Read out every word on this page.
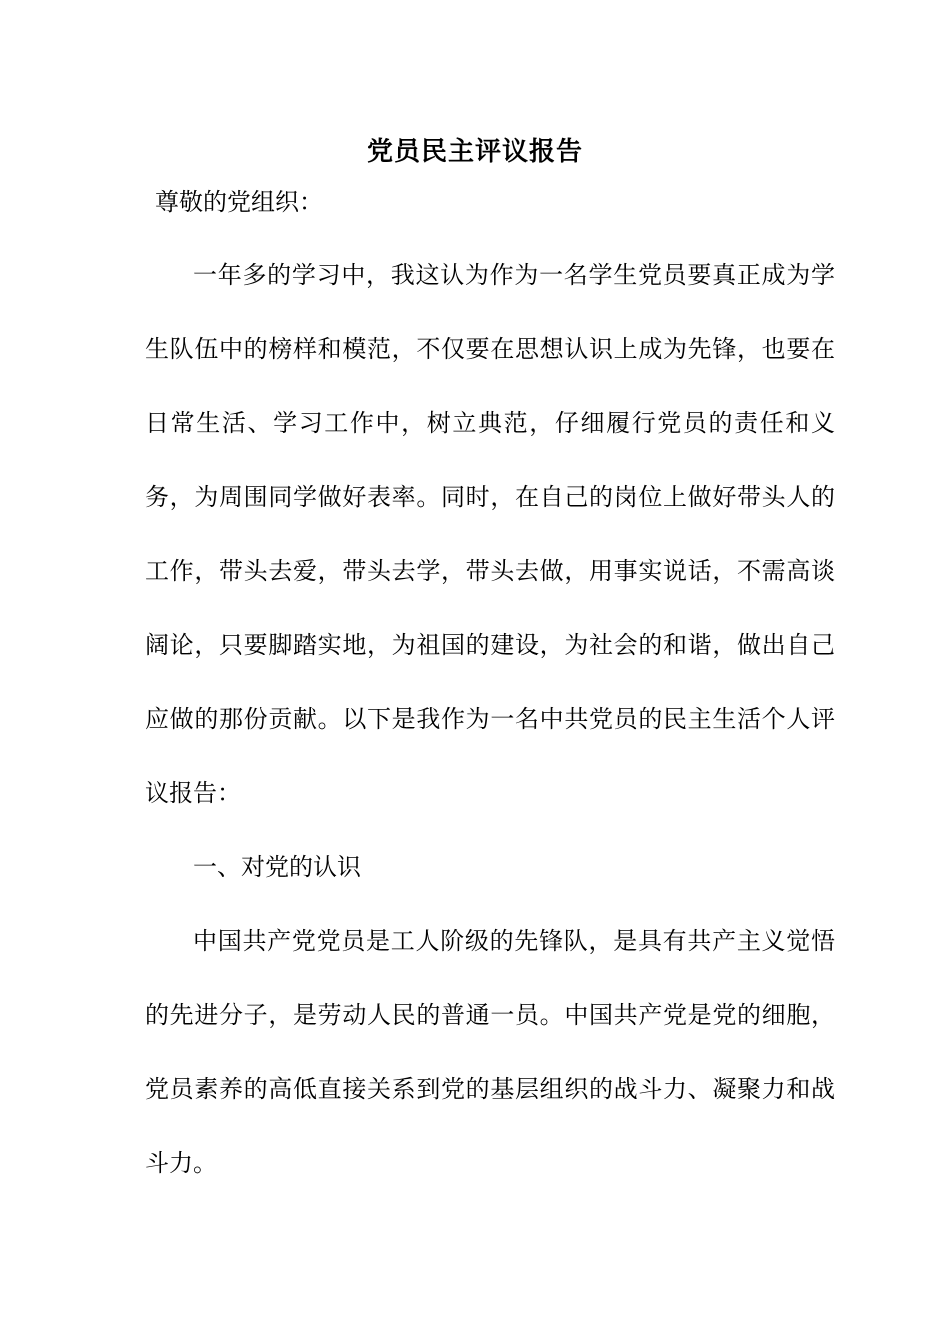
党员民主评议报告
尊敬的党组织：

一年多的学习中，我这认为作为一名学生党员要真正成为学生队伍中的榜样和模范，不仅要在思想认识上成为先锋，也要在日常生活、学习工作中，树立典范，仔细履行党员的责任和义务，为周围同学做好表率。同时，在自己的岗位上做好带头人的工作，带头去爱，带头去学，带头去做，用事实说话，不需高谈阔论，只要脚踏实地，为祖国的建设，为社会的和谐，做出自己应做的那份贡献。以下是我作为一名中共党员的民主生活个人评议报告：

一、对党的认识

中国共产党党员是工人阶级的先锋队，是具有共产主义觉悟的先进分子，是劳动人民的普通一员。中国共产党是党的细胞，党员素养的高低直接关系到党的基层组织的战斗力、凝聚力和战斗力。
